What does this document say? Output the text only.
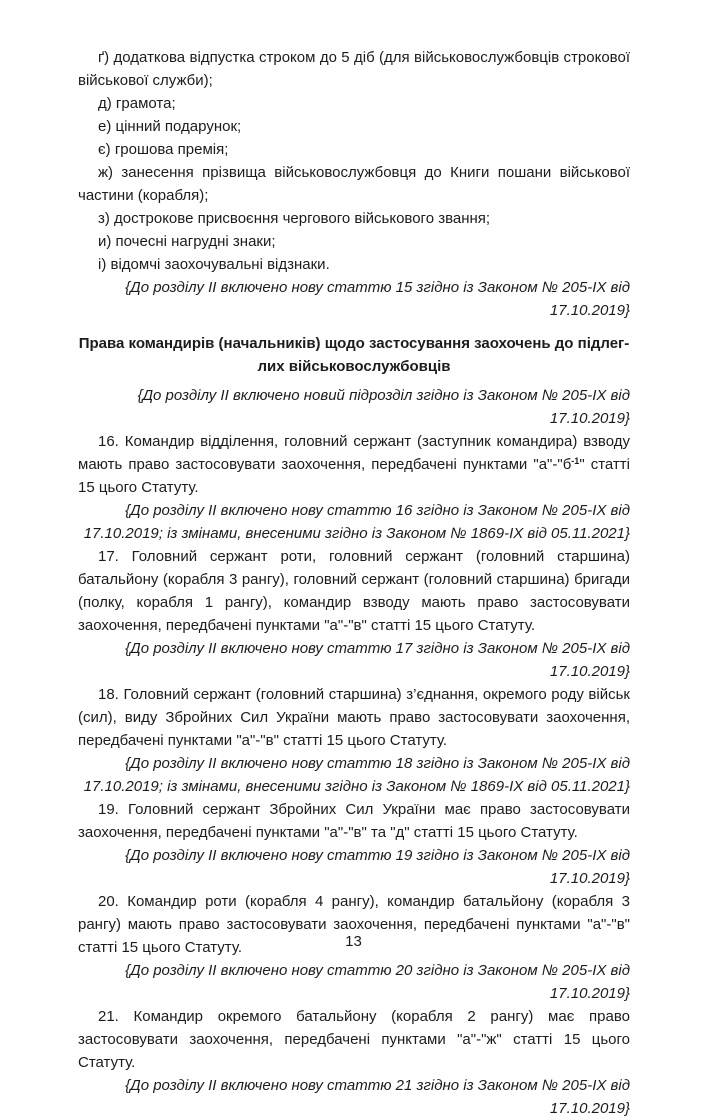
ґ) додаткова відпустка строком до 5 діб (для військовослужбовців строкової військової служби);
д) грамота;
е) цінний подарунок;
є) грошова премія;
ж) занесення прізвища військовослужбовця до Книги пошани військової частини (корабля);
з) дострокове присвоєння чергового військового звання;
и) почесні нагрудні знаки;
і) відомчі заохочувальні відзнаки.
{До розділу II включено нову статтю 15 згідно із Законом № 205-IX від 17.10.2019}
Права командирів (начальників) щодо застосування заохочень до підлег-
лих військовослужбовців
{До розділу II включено новий підрозділ згідно із Законом № 205-IX від 17.10.2019}
16. Командир відділення, головний сержант (заступник командира) взводу мають право застосовувати заохочення, передбачені пунктами "$а"-"б^{-1}$" статті 15 цього Статуту.
{До розділу II включено нову статтю 16 згідно із Законом № 205-IX від 17.10.2019; із змінами, внесеними згідно із Законом № 1869-IX від 05.11.2021}
17. Головний сержант роти, головний сержант (головний старшина) батальйону (корабля 3 рангу), головний сержант (головний старшина) бригади (полку, корабля 1 рангу), командир взводу мають право застосовувати заохочення, передбачені пунктами "а"-"в" статті 15 цього Статуту.
{До розділу II включено нову статтю 17 згідно із Законом № 205-IX від 17.10.2019}
18. Головний сержант (головний старшина) з’єднання, окремого роду військ (сил), виду Збройних Сил України мають право застосовувати заохочення, передбачені пунктами "а"-"в" статті 15 цього Статуту.
{До розділу II включено нову статтю 18 згідно із Законом № 205-IX від 17.10.2019; із змінами, внесеними згідно із Законом № 1869-IX від 05.11.2021}
19. Головний сержант Збройних Сил України має право застосовувати заохочення, передбачені пунктами "а"-"в" та "д" статті 15 цього Статуту.
{До розділу II включено нову статтю 19 згідно із Законом № 205-IX від 17.10.2019}
20. Командир роти (корабля 4 рангу), командир батальйону (корабля 3 рангу) мають право застосовувати заохочення, передбачені пунктами "а"-"в" статті 15 цього Статуту.
{До розділу II включено нову статтю 20 згідно із Законом № 205-IX від 17.10.2019}
21. Командир окремого батальйону (корабля 2 рангу) має право застосовувати заохочення, передбачені пунктами "а"-"ж" статті 15 цього Статуту.
{До розділу II включено нову статтю 21 згідно із Законом № 205-IX від 17.10.2019}
13
